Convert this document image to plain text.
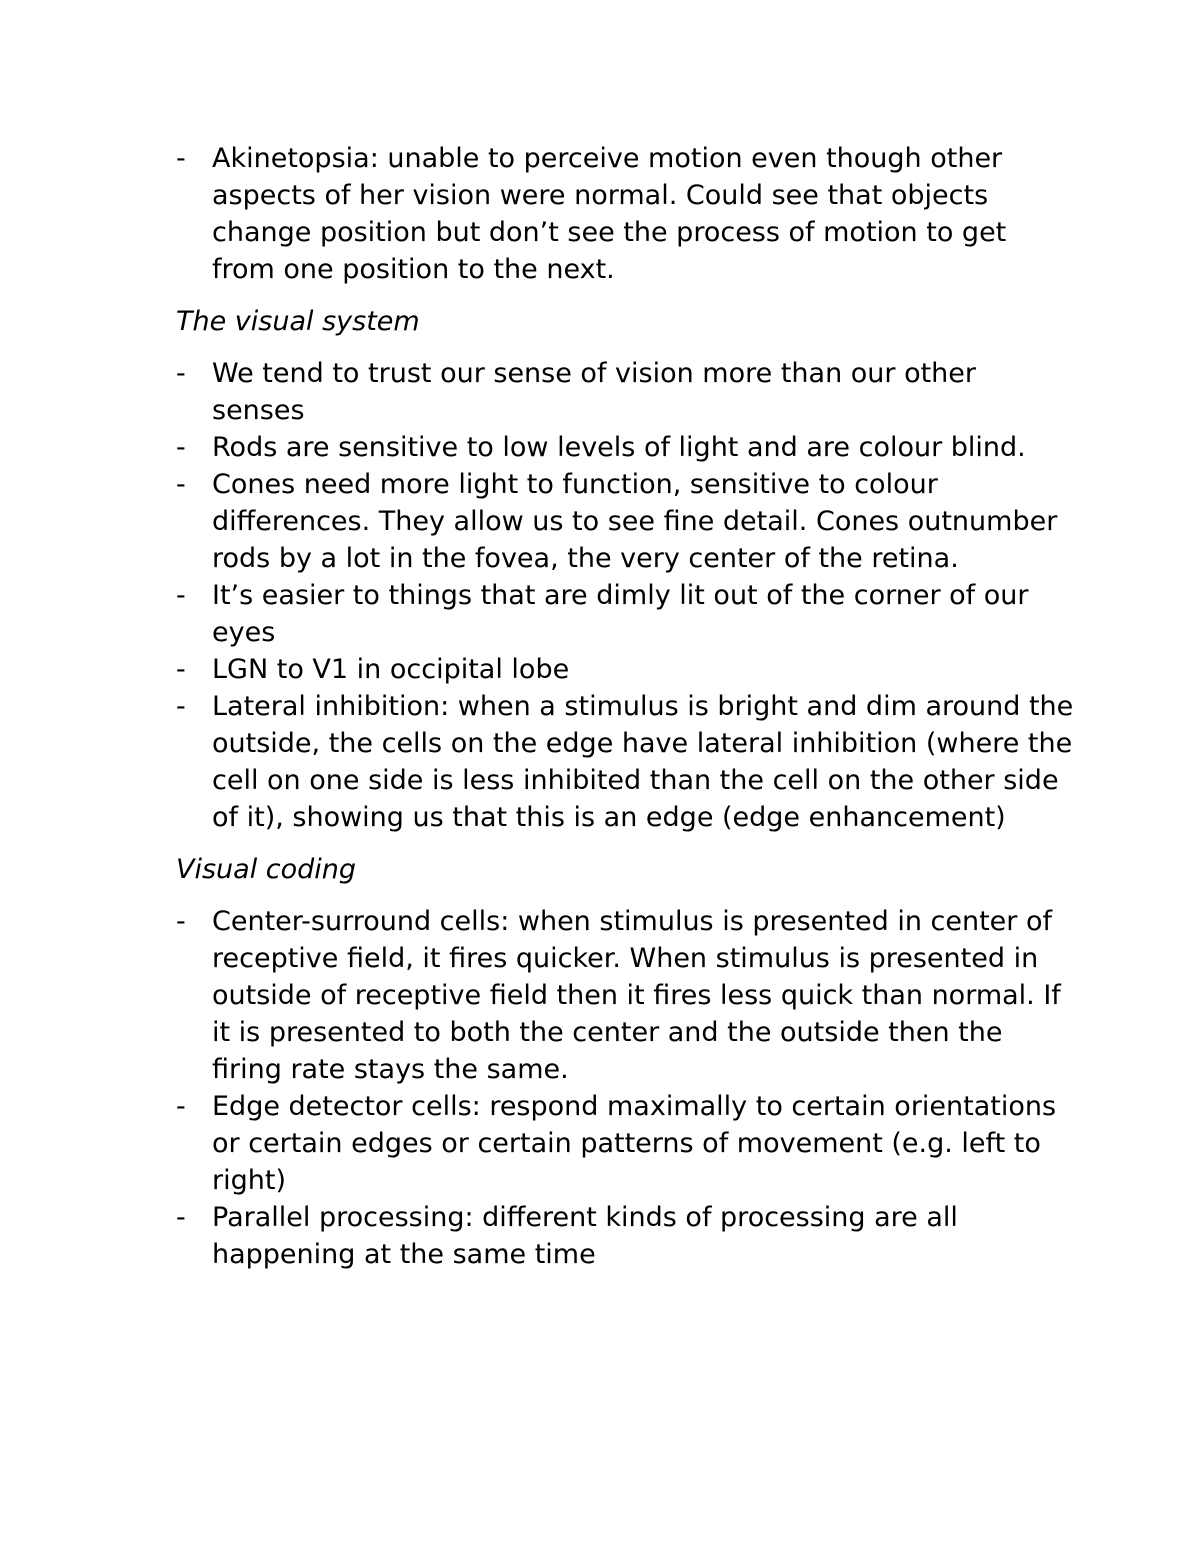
- Akinetopsia: unable to perceive motion even though other aspects of her vision were normal. Could see that objects change position but don’t see the process of motion to get from one position to the next.
The visual system
- We tend to trust our sense of vision more than our other senses
- Rods are sensitive to low levels of light and are colour blind.
- Cones need more light to function, sensitive to colour differences. They allow us to see fine detail. Cones outnumber rods by a lot in the fovea, the very center of the retina.
- It’s easier to things that are dimly lit out of the corner of our eyes
- LGN to V1 in occipital lobe
- Lateral inhibition: when a stimulus is bright and dim around the outside, the cells on the edge have lateral inhibition (where the cell on one side is less inhibited than the cell on the other side of it), showing us that this is an edge (edge enhancement)
Visual coding
- Center-surround cells: when stimulus is presented in center of receptive field, it fires quicker. When stimulus is presented in outside of receptive field then it fires less quick than normal. If it is presented to both the center and the outside then the firing rate stays the same.
- Edge detector cells: respond maximally to certain orientations or certain edges or certain patterns of movement (e.g. left to right)
- Parallel processing: different kinds of processing are all happening at the same time
